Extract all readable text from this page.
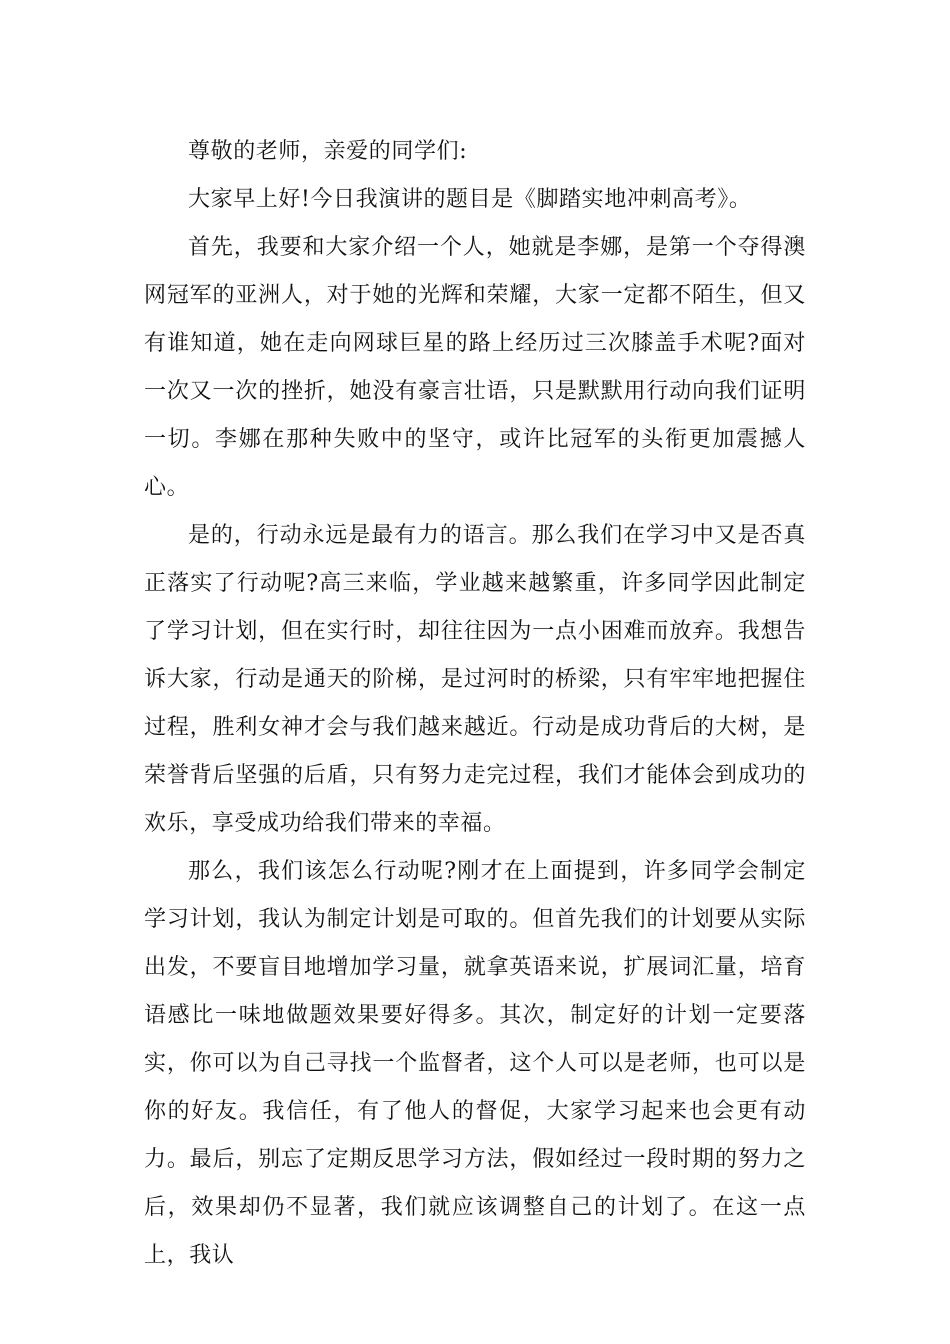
尊敬的老师，亲爱的同学们:

大家早上好!今日我演讲的题目是《脚踏实地冲刺高考》。

首先，我要和大家介绍一个人，她就是李娜，是第一个夺得澳网冠军的亚洲人，对于她的光辉和荣耀，大家一定都不陌生，但又有谁知道，她在走向网球巨星的路上经历过三次膝盖手术呢?面对一次又一次的挫折，她没有豪言壮语，只是默默用行动向我们证明一切。李娜在那种失败中的坚守，或许比冠军的头衔更加震撼人心。

是的，行动永远是最有力的语言。那么我们在学习中又是否真正落实了行动呢?高三来临，学业越来越繁重，许多同学因此制定了学习计划，但在实行时，却往往因为一点小困难而放弃。我想告诉大家，行动是通天的阶梯，是过河时的桥梁，只有牢牢地把握住过程，胜利女神才会与我们越来越近。行动是成功背后的大树，是荣誉背后坚强的后盾，只有努力走完过程，我们才能体会到成功的欢乐，享受成功给我们带来的幸福。

那么，我们该怎么行动呢?刚才在上面提到，许多同学会制定学习计划，我认为制定计划是可取的。但首先我们的计划要从实际出发，不要盲目地增加学习量，就拿英语来说，扩展词汇量，培育语感比一味地做题效果要好得多。其次，制定好的计划一定要落实，你可以为自己寻找一个监督者，这个人可以是老师，也可以是你的好友。我信任，有了他人的督促，大家学习起来也会更有动力。最后，别忘了定期反思学习方法，假如经过一段时期的努力之后，效果却仍不显著，我们就应该调整自己的计划了。在这一点上，我认
